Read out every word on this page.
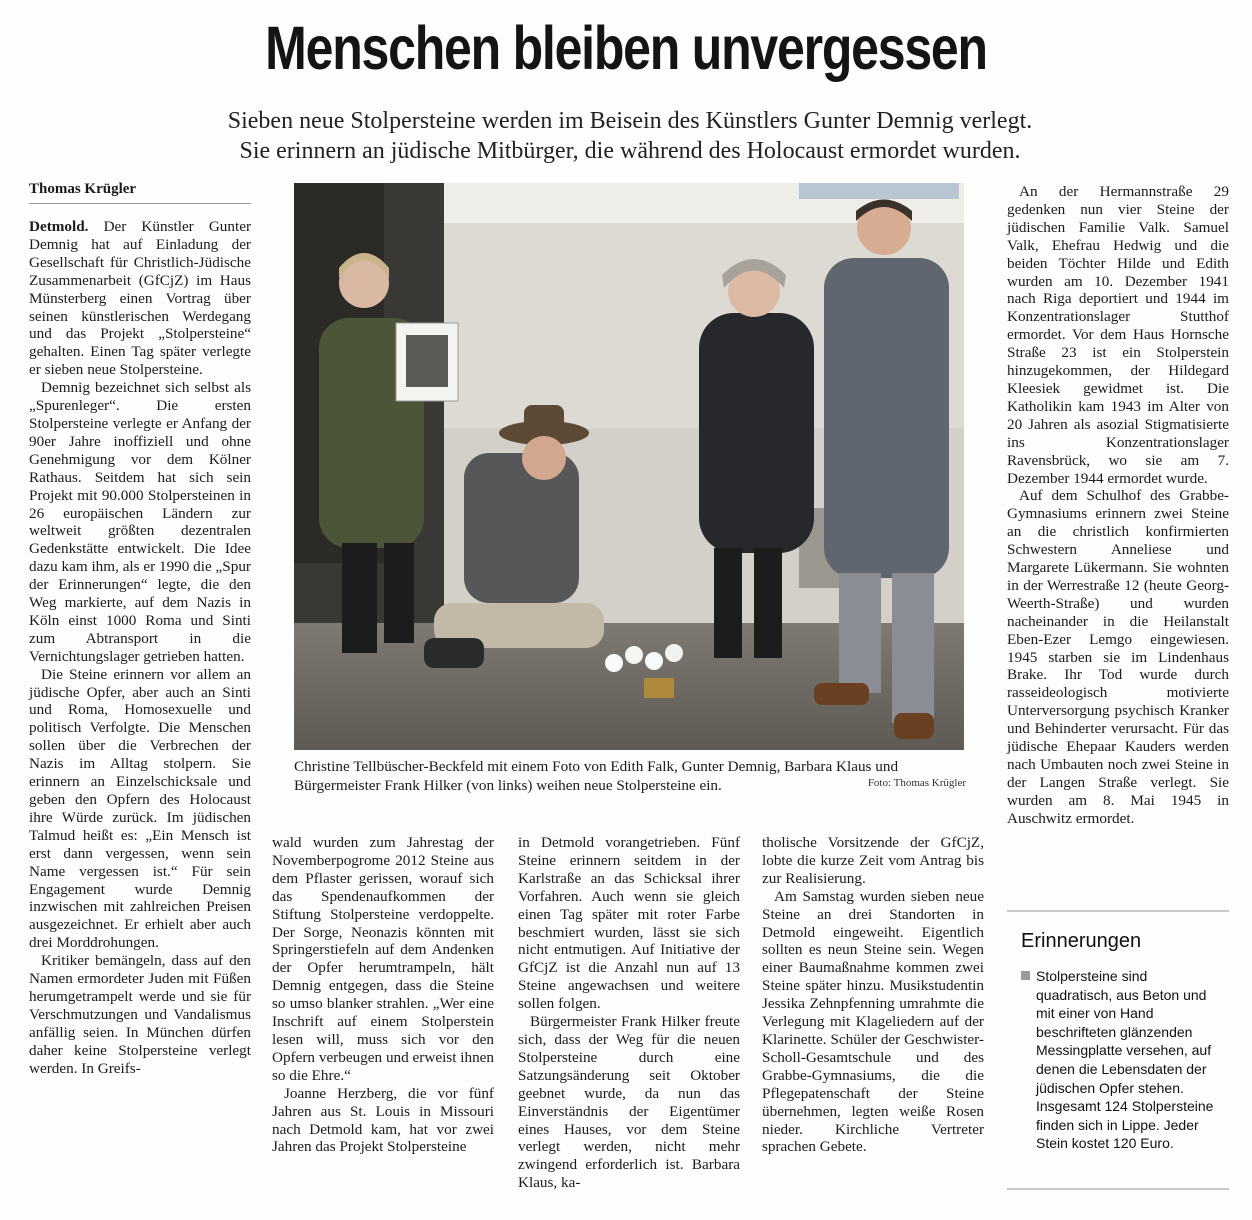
Menschen bleiben unvergessen
Sieben neue Stolpersteine werden im Beisein des Künstlers Gunter Demnig verlegt.
Sie erinnern an jüdische Mitbürger, die während des Holocaust ermordet wurden.
Thomas Krügler

Detmold. Der Künstler Gunter Demnig hat auf Einladung der Gesellschaft für Christlich-Jüdische Zusammenarbeit (GfCjZ) im Haus Münsterberg einen Vortrag über seinen künstlerischen Werdegang und das Projekt „Stolpersteine“ gehalten. Einen Tag später verlegte er sieben neue Stolpersteine.

Demnig bezeichnet sich selbst als „Spurenleger“. Die ersten Stolpersteine verlegte er Anfang der 90er Jahre inoffiziell und ohne Genehmigung vor dem Kölner Rathaus. Seitdem hat sich sein Projekt mit 90.000 Stolpersteinen in 26 europäischen Ländern zur weltweit größten dezentralen Gedenkstätte entwickelt. Die Idee dazu kam ihm, als er 1990 die „Spur der Erinnerungen“ legte, die den Weg markierte, auf dem Nazis in Köln einst 1000 Roma und Sinti zum Abtransport in die Vernichtungslager getrieben hatten.

Die Steine erinnern vor allem an jüdische Opfer, aber auch an Sinti und Roma, Homosexuelle und politisch Verfolgte. Die Menschen sollen über die Verbrechen der Nazis im Alltag stolpern. Sie erinnern an Einzelschicksale und geben den Opfern des Holocaust ihre Würde zurück. Im jüdischen Talmud heißt es: „Ein Mensch ist erst dann vergessen, wenn sein Name vergessen ist.“ Für sein Engagement wurde Demnig inzwischen mit zahlreichen Preisen ausgezeichnet. Er erhielt aber auch drei Morddrohungen.

Kritiker bemängeln, dass auf den Namen ermordeter Juden mit Füßen herumgetrampelt werde und sie für Verschmutzungen und Vandalismus anfällig seien. In München dürfen daher keine Stolpersteine verlegt werden. In Greifs-

Christine Tellbüscher-Beckfeld mit einem Foto von Edith Falk, Gunter Demnig, Barbara Klaus und Bürgermeister Frank Hilker (von links) weihen neue Stolpersteine ein.	Foto: Thomas Krügler

wald wurden zum Jahrestag der Novemberpogrome 2012 Steine aus dem Pflaster gerissen, worauf sich das Spendenaufkommen der Stiftung Stolpersteine verdoppelte. Der Sorge, Neonazis könnten mit Springerstiefeln auf dem Andenken der Opfer herumtrampeln, hält Demnig entgegen, dass die Steine so umso blanker strahlen. „Wer eine Inschrift auf einem Stolperstein lesen will, muss sich vor den Opfern verbeugen und erweist ihnen so die Ehre.“

Joanne Herzberg, die vor fünf Jahren aus St. Louis in Missouri nach Detmold kam, hat vor zwei Jahren das Projekt Stolpersteine

in Detmold vorangetrieben. Fünf Steine erinnern seitdem in der Karlstraße an das Schicksal ihrer Vorfahren. Auch wenn sie gleich einen Tag später mit roter Farbe beschmiert wurden, lässt sie sich nicht entmutigen. Auf Initiative der GfCjZ ist die Anzahl nun auf 13 Steine angewachsen und weitere sollen folgen.

Bürgermeister Frank Hilker freute sich, dass der Weg für die neuen Stolpersteine durch eine Satzungsänderung seit Oktober geebnet wurde, da nun das Einverständnis der Eigentümer eines Hauses, vor dem Steine verlegt werden, nicht mehr zwingend erforderlich ist. Barbara Klaus, ka-

tholische Vorsitzende der GfCjZ, lobte die kurze Zeit vom Antrag bis zur Realisierung.

Am Samstag wurden sieben neue Steine an drei Standorten in Detmold eingeweiht. Eigentlich sollten es neun Steine sein. Wegen einer Baumaßnahme kommen zwei Steine später hinzu. Musikstudentin Jessika Zehnpfenning umrahmte die Verlegung mit Klageliedern auf der Klarinette. Schüler der Geschwister-Scholl-Gesamtschule und des Grabbe-Gymnasiums, die die Pflegepatenschaft der Steine übernehmen, legten weiße Rosen nieder. Kirchliche Vertreter sprachen Gebete.

An der Hermannstraße 29 gedenken nun vier Steine der jüdischen Familie Valk. Samuel Valk, Ehefrau Hedwig und die beiden Töchter Hilde und Edith wurden am 10. Dezember 1941 nach Riga deportiert und 1944 im Konzentrationslager Stutthof ermordet. Vor dem Haus Hornsche Straße 23 ist ein Stolperstein hinzugekommen, der Hildegard Kleesiek gewidmet ist. Die Katholikin kam 1943 im Alter von 20 Jahren als asozial Stigmatisierte ins Konzentrationslager Ravensbrück, wo sie am 7. Dezember 1944 ermordet wurde.

Auf dem Schulhof des Grabbe-Gymnasiums erinnern zwei Steine an die christlich konfirmierten Schwestern Anneliese und Margarete Lükermann. Sie wohnten in der Werrestraße 12 (heute Georg-Weerth-Straße) und wurden nacheinander in die Heilanstalt Eben-Ezer Lemgo eingewiesen. 1945 starben sie im Lindenhaus Brake. Ihr Tod wurde durch rasseideologisch motivierte Unterversorgung psychisch Kranker und Behinderter verursacht. Für das jüdische Ehepaar Kauders werden nach Umbauten noch zwei Steine in der Langen Straße verlegt. Sie wurden am 8. Mai 1945 in Auschwitz ermordet.

Erinnerungen
Stolpersteine sind quadratisch, aus Beton und mit einer von Hand beschrifteten glänzenden Messingplatte versehen, auf denen die Lebensdaten der jüdischen Opfer stehen. Insgesamt 124 Stolpersteine finden sich in Lippe. Jeder Stein kostet 120 Euro.
